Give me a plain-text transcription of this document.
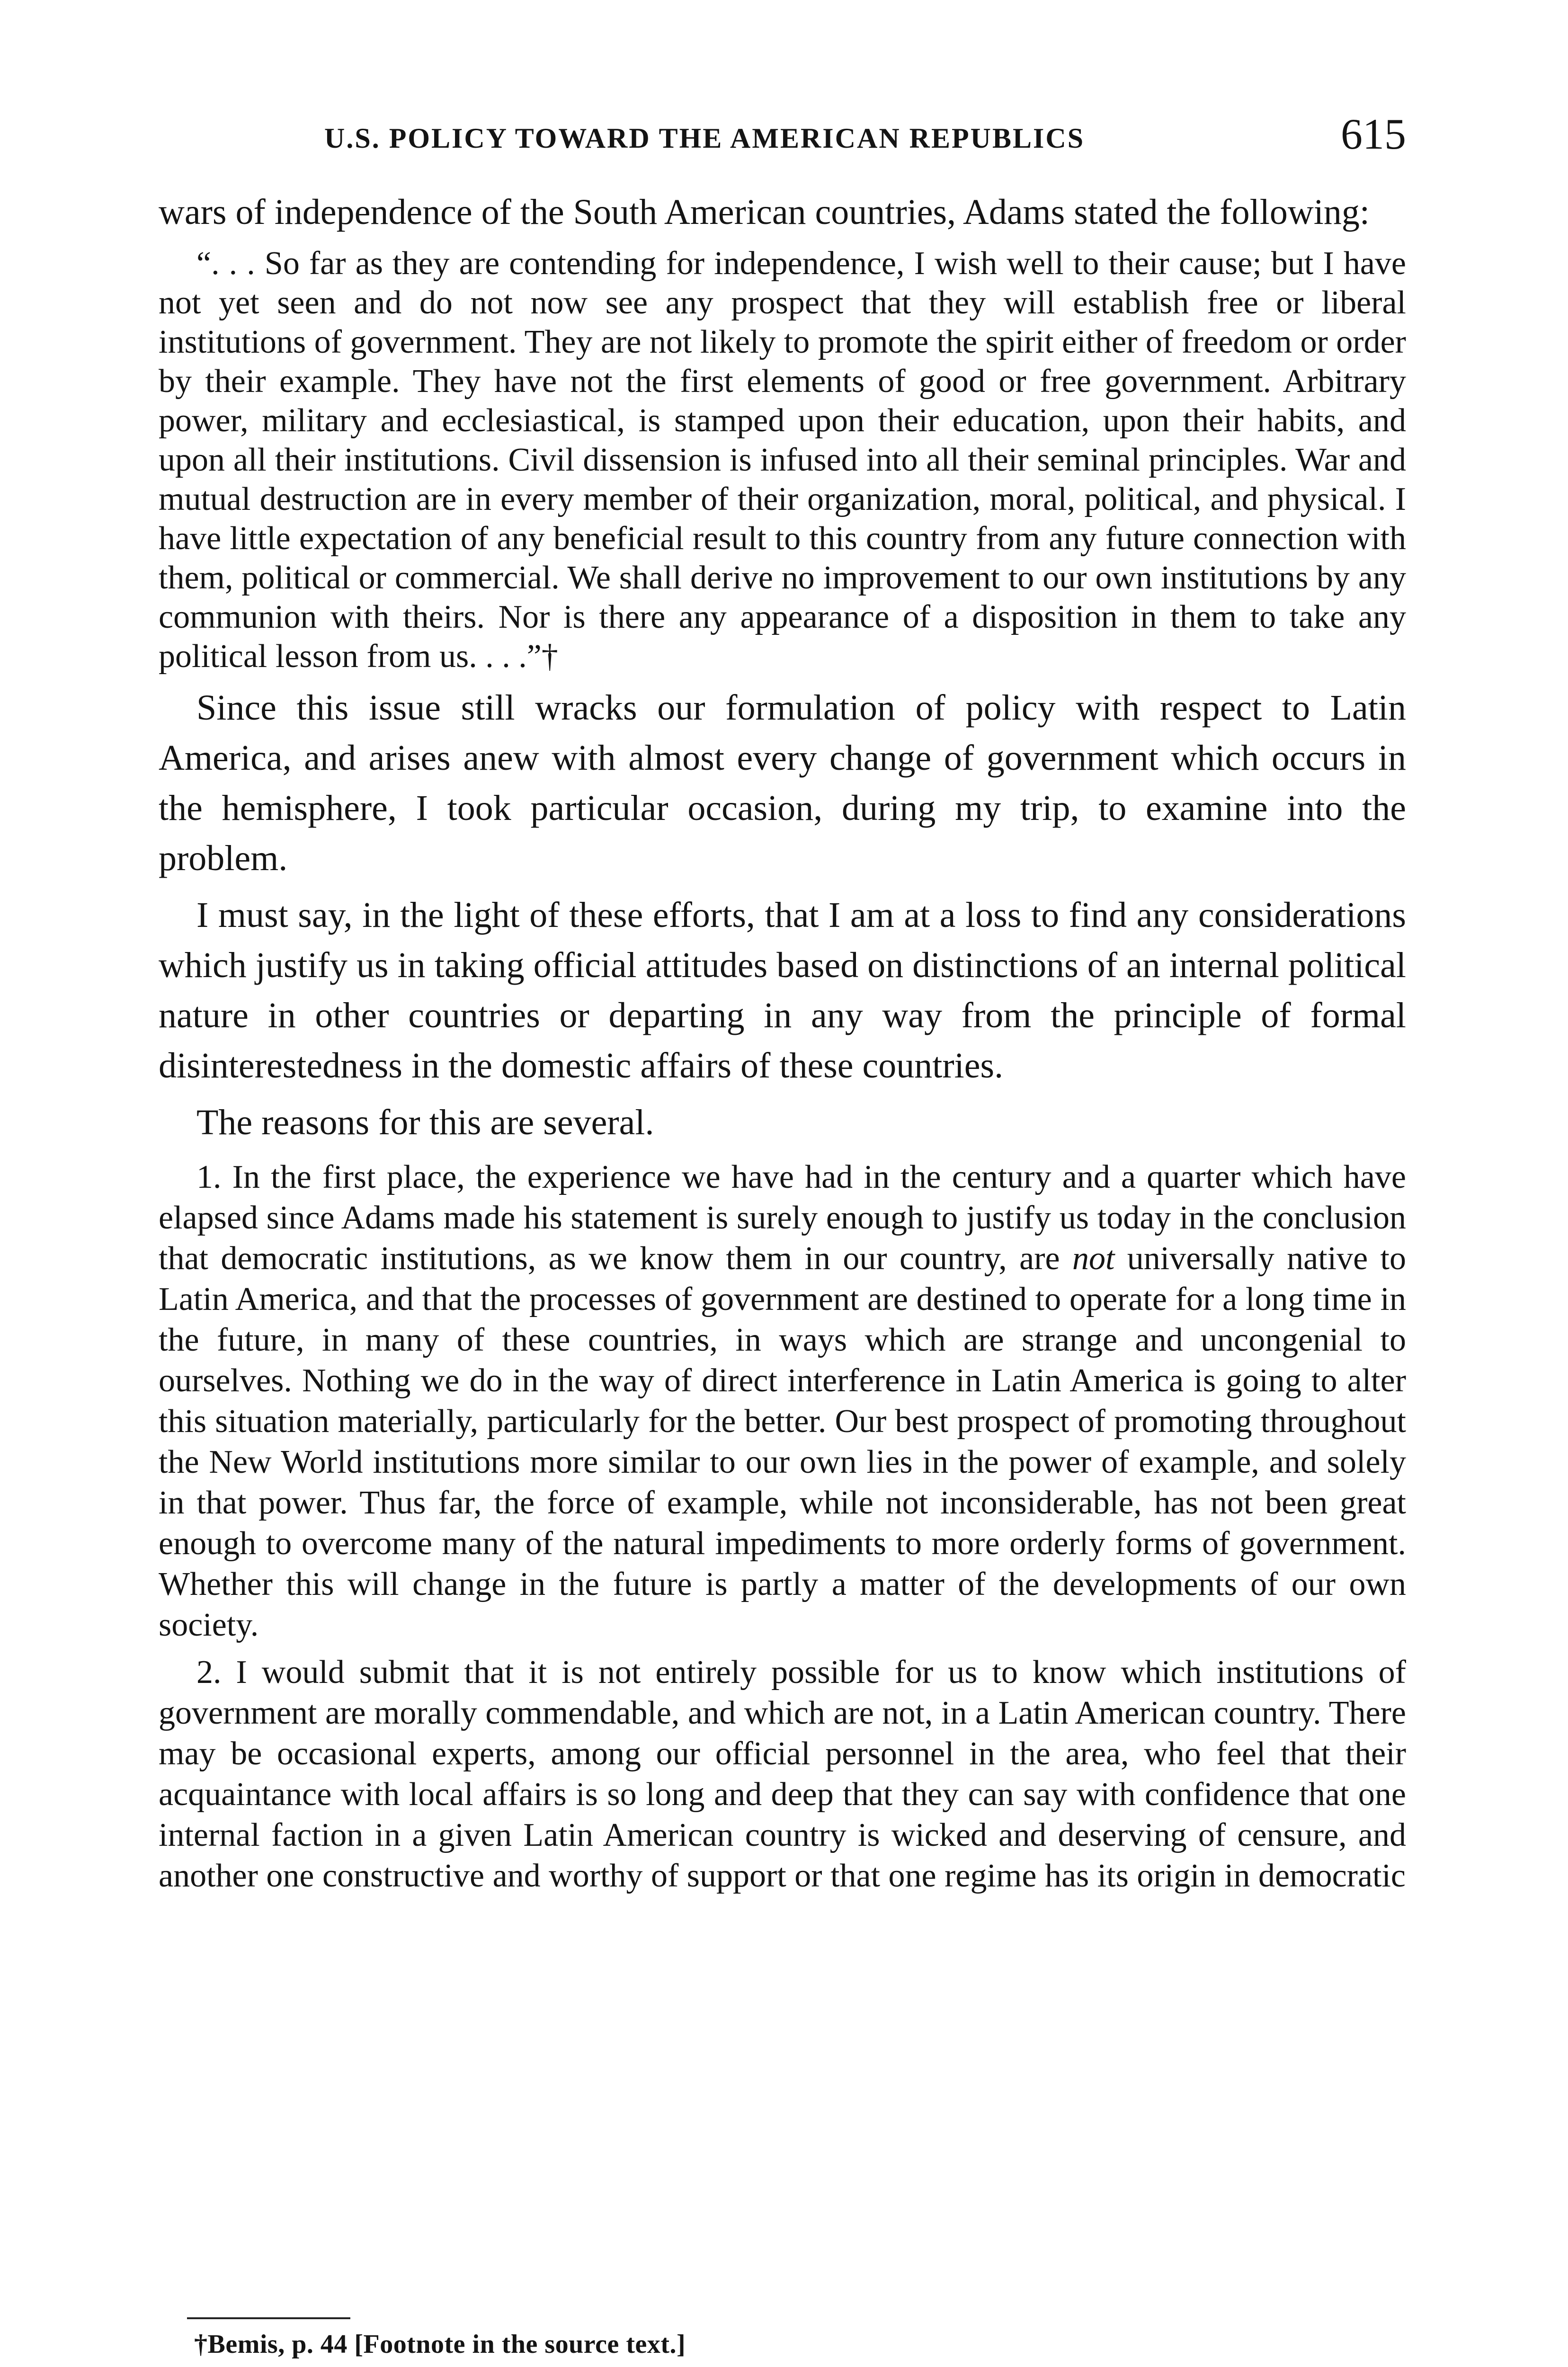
U.S. POLICY TOWARD THE AMERICAN REPUBLICS	615

wars of independence of the South American countries, Adams stated the following:

“. . . So far as they are contending for independence, I wish well to their cause; but I have not yet seen and do not now see any prospect that they will establish free or liberal institutions of government. They are not likely to promote the spirit either of freedom or order by their example. They have not the first elements of good or free government. Arbitrary power, military and ecclesiastical, is stamped upon their education, upon their habits, and upon all their institutions. Civil dissension is infused into all their seminal principles. War and mutual destruction are in every member of their organization, moral, political, and physical. I have little expectation of any beneficial result to this country from any future connection with them, political or commercial. We shall derive no improvement to our own institutions by any communion with theirs. Nor is there any appearance of a disposition in them to take any political lesson from us. . . .”†

Since this issue still wracks our formulation of policy with respect to Latin America, and arises anew with almost every change of government which occurs in the hemisphere, I took particular occasion, during my trip, to examine into the problem.

I must say, in the light of these efforts, that I am at a loss to find any considerations which justify us in taking official attitudes based on distinctions of an internal political nature in other countries or departing in any way from the principle of formal disinterestedness in the domestic affairs of these countries.

The reasons for this are several.

1. In the first place, the experience we have had in the century and a quarter which have elapsed since Adams made his statement is surely enough to justify us today in the conclusion that democratic institutions, as we know them in our country, are not universally native to Latin America, and that the processes of government are destined to operate for a long time in the future, in many of these countries, in ways which are strange and uncongenial to ourselves. Nothing we do in the way of direct interference in Latin America is going to alter this situation materially, particularly for the better. Our best prospect of promoting throughout the New World institutions more similar to our own lies in the power of example, and solely in that power. Thus far, the force of example, while not inconsiderable, has not been great enough to overcome many of the natural impediments to more orderly forms of government. Whether this will change in the future is partly a matter of the developments of our own society.

2. I would submit that it is not entirely possible for us to know which institutions of government are morally commendable, and which are not, in a Latin American country. There may be occasional experts, among our official personnel in the area, who feel that their acquaintance with local affairs is so long and deep that they can say with confidence that one internal faction in a given Latin American country is wicked and deserving of censure, and another one constructive and worthy of support or that one regime has its origin in democratic

†Bemis, p. 44 [Footnote in the source text.]
